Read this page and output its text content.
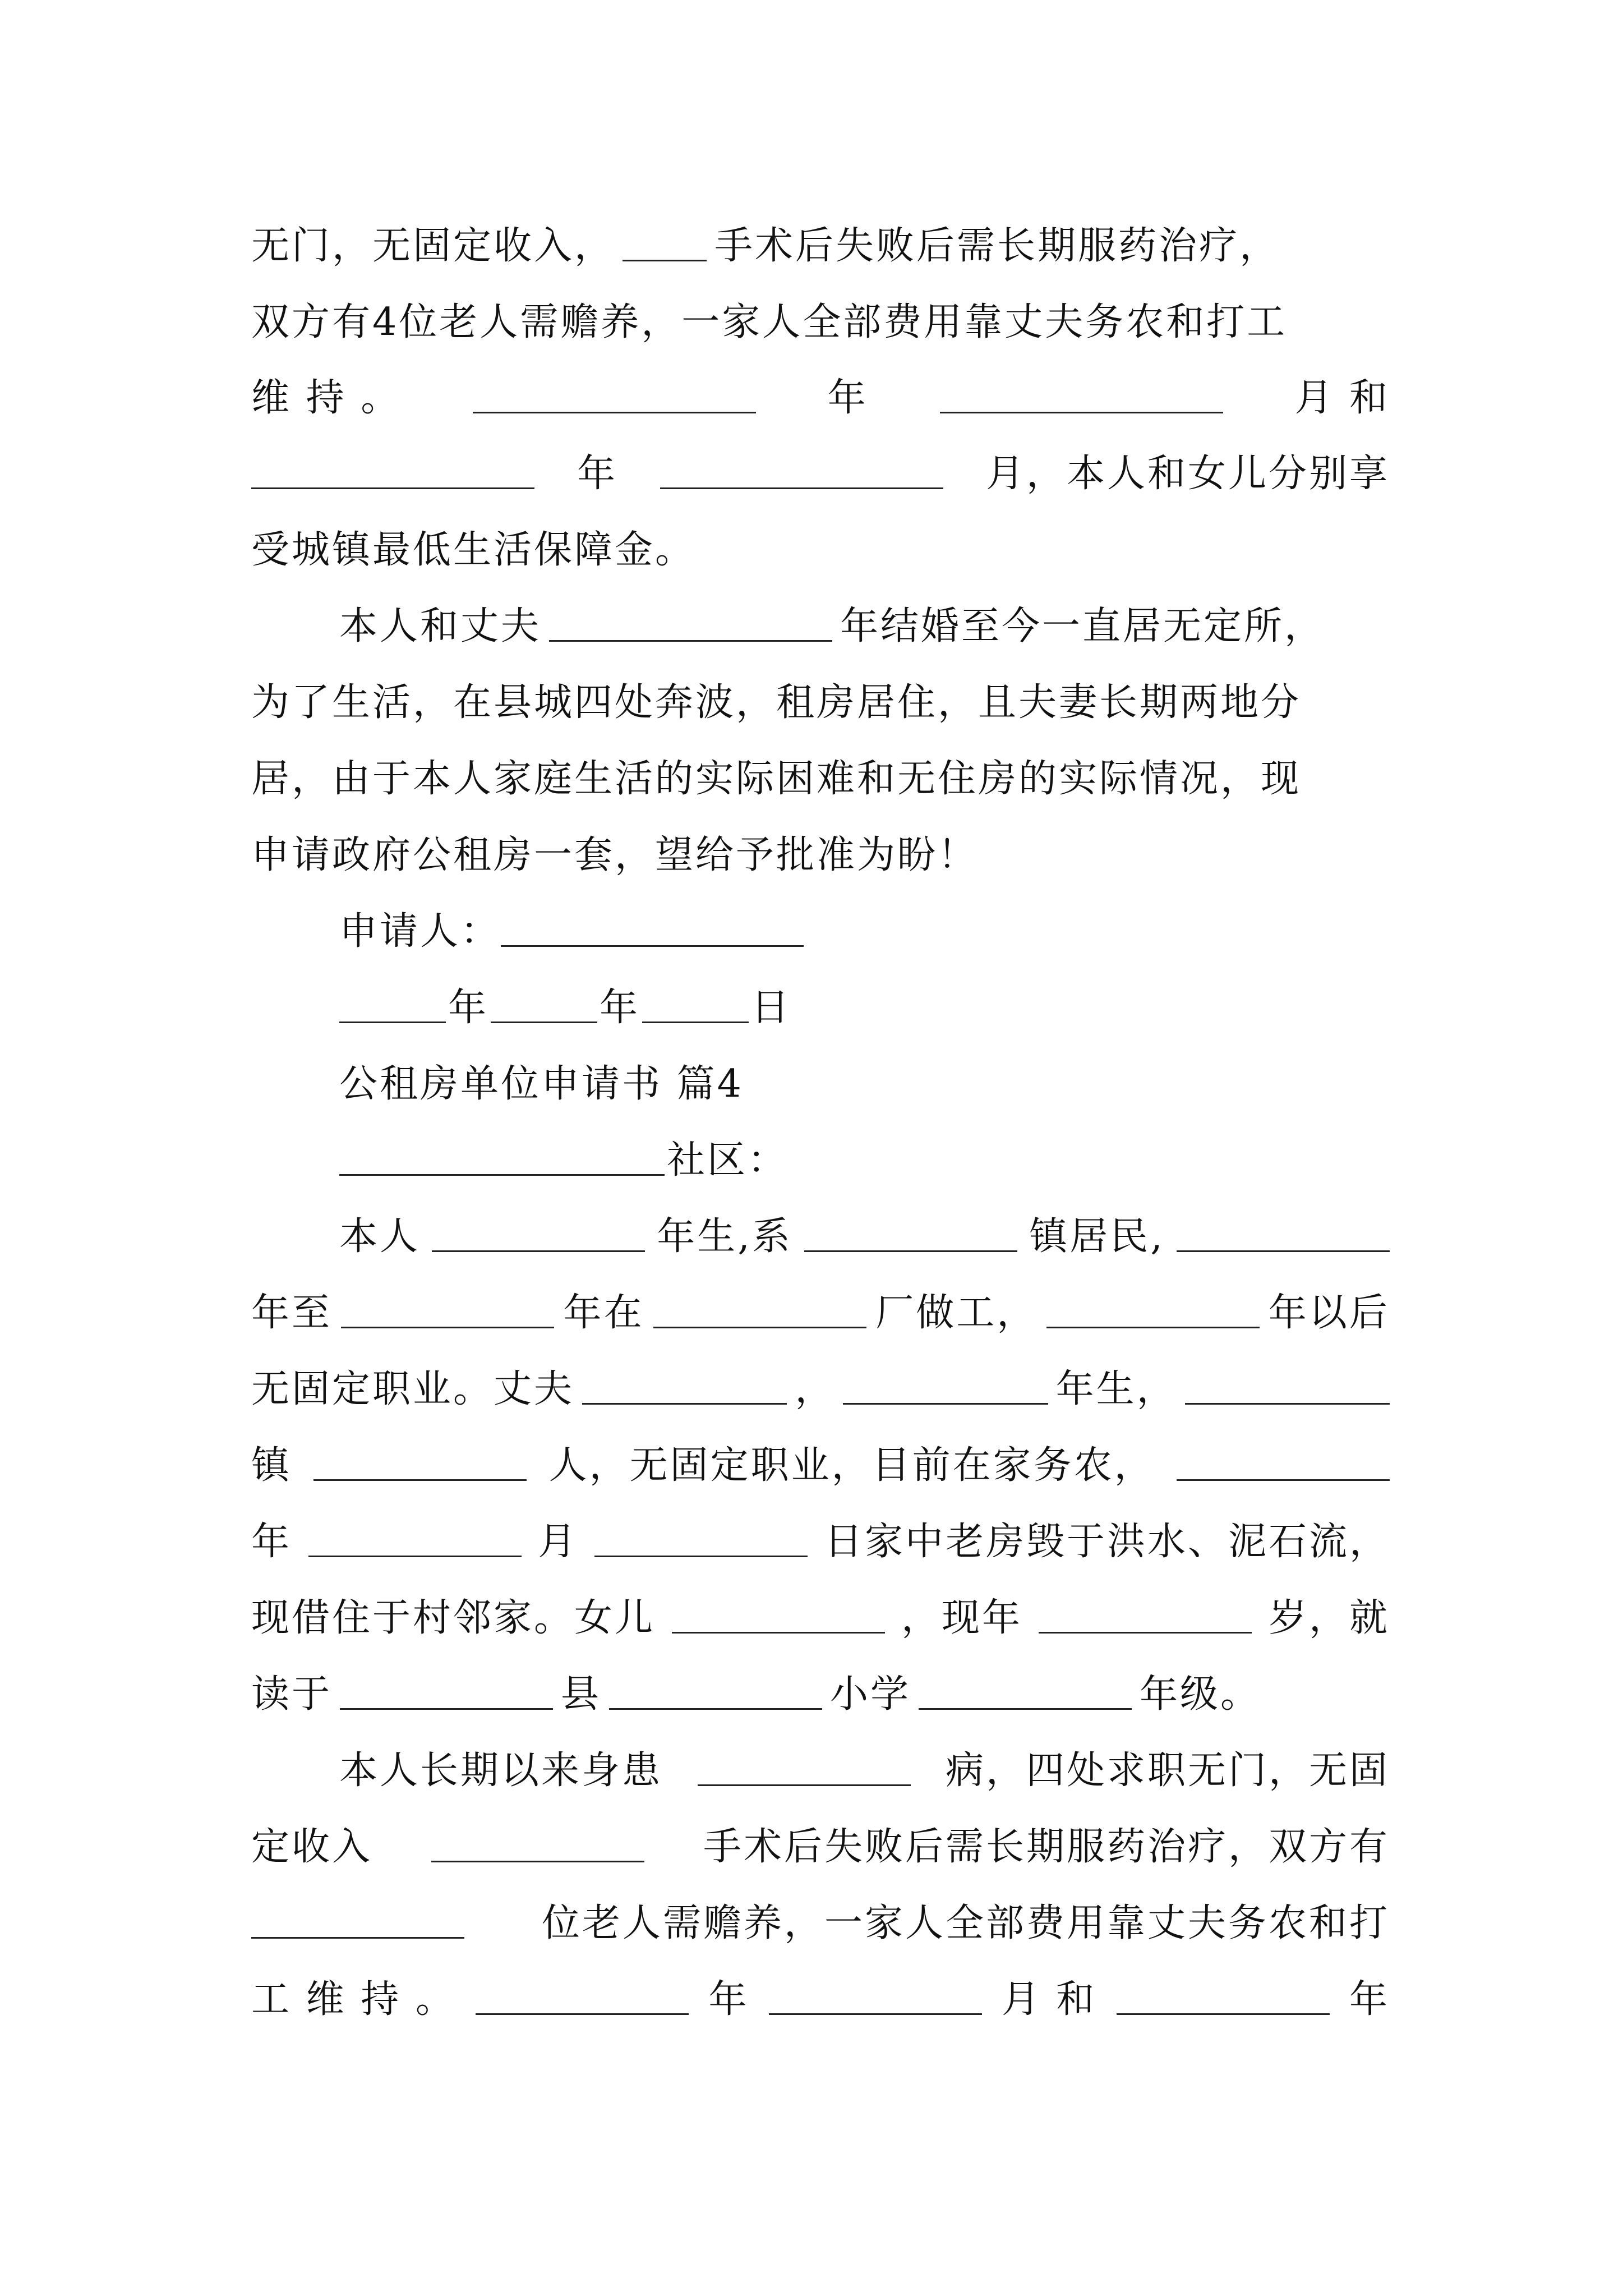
无门，无固定收入，	手术后失败后需长期服药治疗，
双方有4位老人需赡养，一家人全部费用靠丈夫务农和打工
维 持 。	年	月 和
年	月，本人和女儿分别享
受城镇最低生活保障金。
本人和丈夫	年结婚至今一直居无定所，
为了生活，在县城四处奔波，租房居住，且夫妻长期两地分
居，由于本人家庭生活的实际困难和无住房的实际情况，现
申请政府公租房一套，望给予批准为盼！
申请人：
年	年	日
公租房单位申请书 篇4
社区：
本人	年生,系	镇居民,
年至	年在	厂做工，	年以后
无固定职业。丈夫	，	年生，
镇	人，无固定职业，目前在家务农，
年	月	日家中老房毁于洪水、泥石流，
现借住于村邻家。女儿	，现年	岁，就
读于	县	小学	年级。
本人长期以来身患	病，四处求职无门，无固
定收入	手术后失败后需长期服药治疗，双方有
位老人需赡养，一家人全部费用靠丈夫务农和打
工 维 持 。	年	月 和	年
